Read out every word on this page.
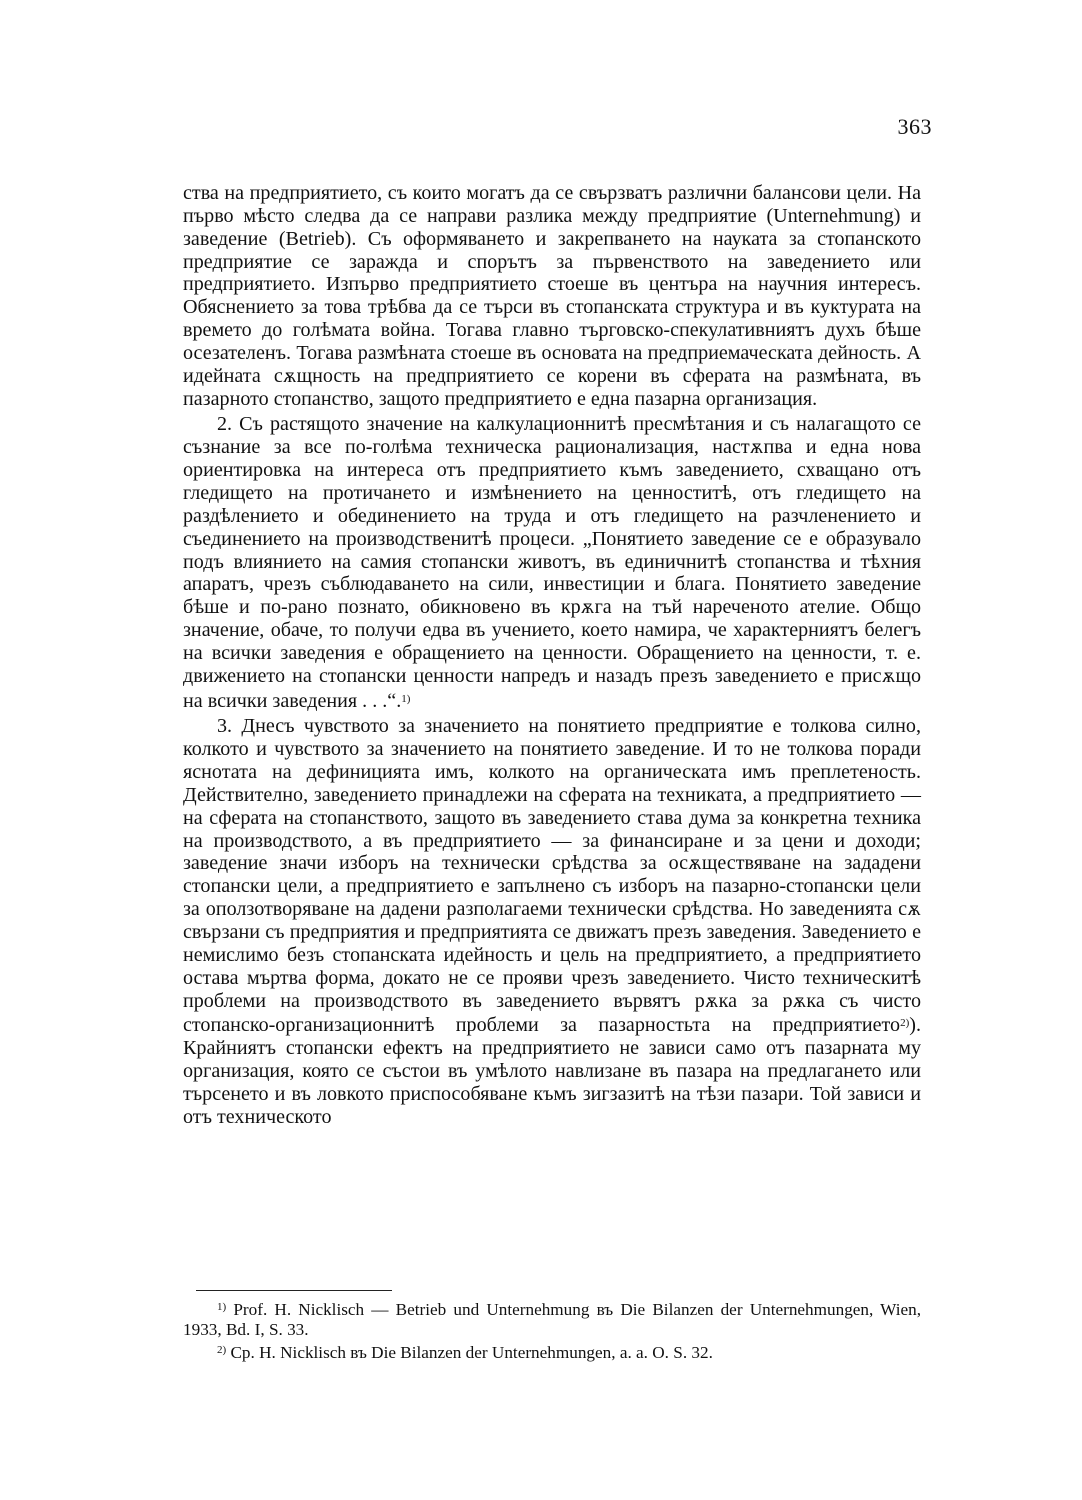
363

ства на предприятието, съ които могатъ да се свързватъ различни балансови цели. На първо мѣсто следва да се направи разлика между предприятие (Unternehmung) и заведение (Betrieb). Съ оформяването и закрепването на науката за стопанското предприятие се заражда и спорътъ за първенството на заведението или предприятието. Изпърво предприятието стоеше въ центъра на научния интересъ. Обяснението за това трѣбва да се търси въ стопанската структура и въ куктурата на времето до голѣмата война. Тогава главно търговско-спекулативниятъ духъ бѣше осезателенъ. Тогава размѣната стоеше въ основата на предприемаческата дейность. А идейната сѫщность на предприятието се корени въ сферата на размѣната, въ пазарното стопанство, защото предприятието е една пазарна организация.

2. Съ растящото значение на калкулационнитѣ пресмѣтания и съ налагащото се съзнание за все по-голѣма техническа рационализация, настѫпва и една нова ориентировка на интереса отъ предприятието къмъ заведението, схващано отъ гледището на протичането и измѣнението на ценноститѣ, отъ гледището на раздѣлението и обединението на труда и отъ гледището на разчленението и съединението на производственитѣ процеси. „Понятието заведение се е образувало подъ влиянието на самия стопански животъ, въ единичнитѣ стопанства и тѣхния апаратъ, чрезъ съблюдаването на сили, инвестиции и блага. Понятието заведение бѣше и по-рано познато, обикновено въ крѫга на тъй нареченото ателие. Общо значение, обаче, то получи едва въ учението, което намира, че характерниятъ белегъ на всички заведения е обращението на ценности. Обращението на ценности, т. е. движението на стопански ценности напредъ и назадъ презъ заведението е присѫщо на всички заведения . . .“.$^{1)}$

3. Днесъ чувството за значението на понятието предприятие е толкова силно, колкото и чувството за значението на понятието заведение. И то не толкова поради яснотата на дефиницията имъ, колкото на органическата имъ преплетеность. Действително, заведението принадлежи на сферата на техниката, а предприятието — на сферата на стопанството, защото въ заведението става дума за конкретна техника на производството, а въ предприятието — за финансиране и за цени и доходи; заведение значи изборъ на технически срѣдства за осѫществяване на зададени стопански цели, а предприятието е запълнено съ изборъ на пазарно-стопански цели за оползотворяване на дадени разполагаеми технически срѣдства. Но заведенията сѫ свързани съ предприятия и предприятията се движатъ презъ заведения. Заведението е немислимо безъ стопанската идейность и цель на предприятието, а предприятието остава мъртва форма, докато не се прояви чрезъ заведението. Чисто техническитѣ проблеми на производството въ заведението вървятъ рѫка за рѫка съ чисто стопанско-организационнитѣ проблеми за пазарностьта на предприятието$^{2)}$). Крайниятъ стопански ефектъ на предприятието не зависи само отъ пазарната му организация, която се състои въ умѣлото навлизане въ пазара на предлагането или търсенето и въ ловкото приспособяване къмъ зигзазитѣ на тѣзи пазари. Той зависи и отъ техническото

$^{1)}$ Prof. H. Nicklisch — Betrieb und Unternehmung въ Die Bilanzen der Unternehmungen, Wien, 1933, Bd. I, S. 33.

$^{2)}$ Ср. H. Nicklisch въ Die Bilanzen der Unternehmungen, a. a. O. S. 32.
